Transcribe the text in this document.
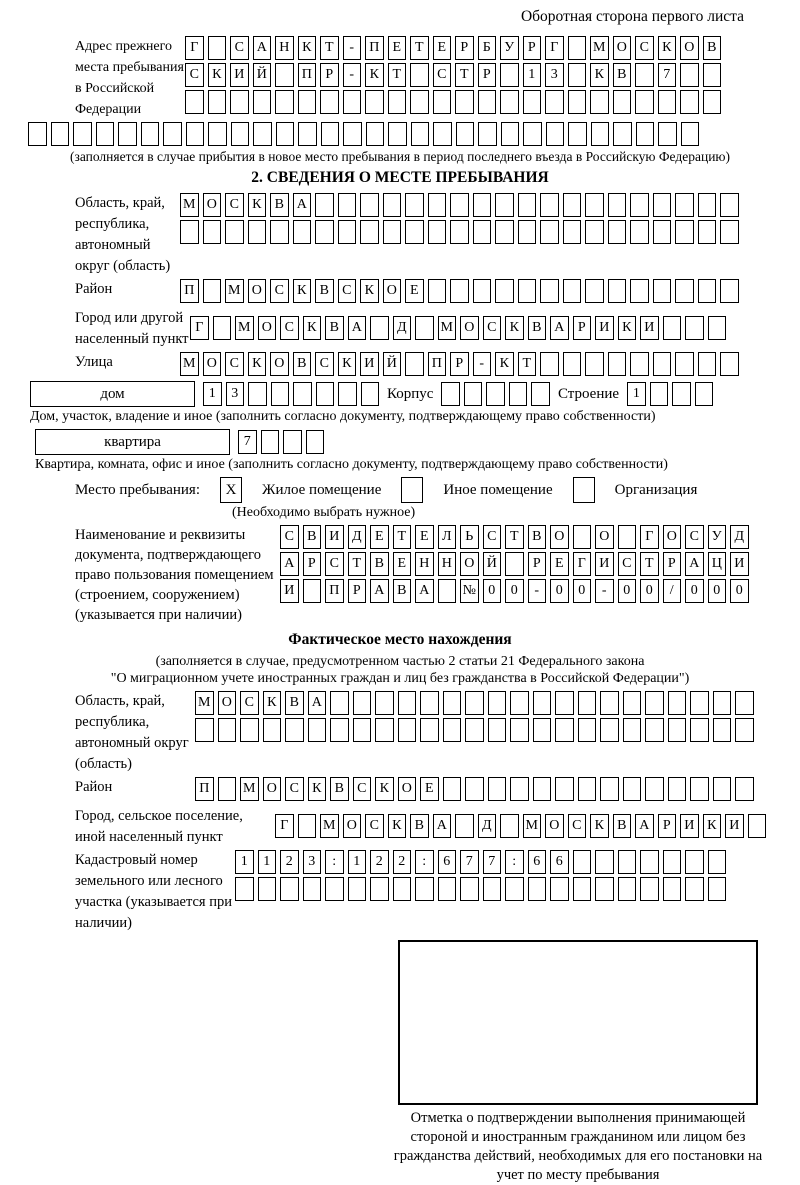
Оборотная сторона первого листа
Адрес прежнего места пребывания в Российской Федерации
Г	С А Н К Т	-	П Е Т Е	Р	Б У Р	Г	М О С К О В
С К И Й П Р	-	К Т	С Т	Р	1	3	К В	7
(заполняется в случае прибытия в новое место пребывания в период последнего въезда в Российскую Федерацию)
2. СВЕДЕНИЯ О МЕСТЕ ПРЕБЫВАНИЯ
Область, край, республика, автономный округ (область)
М О С К В А
Район	П М О С К В С К О Е
Город или другой населенный пункт
Г	М О С К В А	Д	М О С К В А Р И К И
Улица	М О С К О В С К И Й П Р	-	К Т
дом	1	3	Корпус	Строение 1
Дом, участок, владение и иное (заполнить согласно документу, подтверждающему право собственности)
квартира	7
Квартира, комната, офис и иное (заполнить согласно документу, подтверждающему право собственности)
Место пребывания:	Х	Жилое помещение	Иное помещение	Организация
(Необходимо выбрать нужное)
Наименование и реквизиты документа, подтверждающего право пользования помещением (строением, сооружением) (указывается при наличии)
С В И Д Е Т Е Л Ь С Т В О О	Г О С У Д
А Р С Т В Е Н Н О Й	Р	Е	Г И С Т	Р А Ц И
И П Р А В А № 0	0	-	0	0	-	0	0	/	0	0	0
Фактическое место нахождения
(заполняется в случае, предусмотренном частью 2 статьи 21 Федерального закона
"О миграционном учете иностранных граждан и лиц без гражданства в Российской Федерации")
Область, край, республика, автономный округ (область)
М О С К В А
Район	П М О С К В С К О Е
Город, сельское поселение, иной населенный пункт
Г	М О С К В А	Д	М О С К В А Р И К И
Кадастровый номер земельного или лесного участка (указывается при наличии)
1	1	2	3	:	1	2	2	:	6	7	7	:	6	6
Отметка о подтверждении выполнения принимающей стороной и иностранным гражданином или лицом без гражданства действий, необходимых для его постановки на учет по месту пребывания
